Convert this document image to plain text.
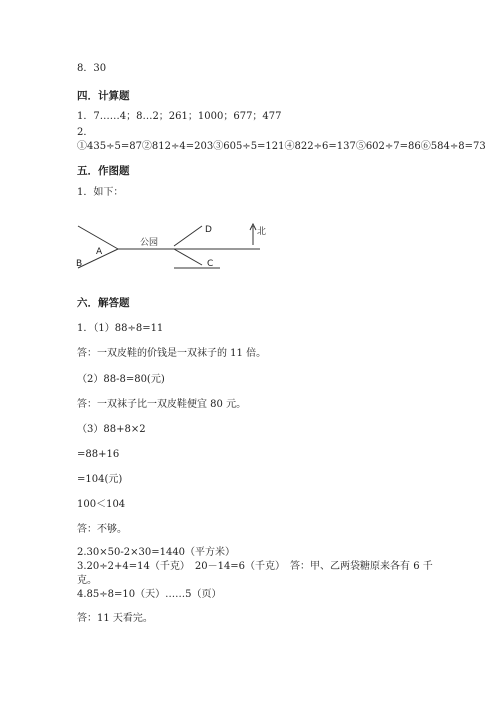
8．30
四．计算题
1．7……4；8…2；261；1000；677；477
2．①435÷5=87②812÷4=203③605÷5=121④822÷6=137⑤602÷7=86⑥584÷8=73
五．作图题
1．如下：
A
B
公园
D
C
北
六．解答题
1．（1）88÷8=11
答：一双皮鞋的价钱是一双袜子的 11 倍。
（2）88-8=80(元)
答：一双袜子比一双皮鞋便宜 80 元。
（3）88+8×2
=88+16
=104(元)
100＜104
答：不够。
2.30×50-2×30=1440（平方米）
3.20÷2+4=14（千克）　20－14=6（千克）　答：甲、乙两袋糖原来各有 6 千克。
4.85÷8=10（天）……5（页）
答：11 天看完。
